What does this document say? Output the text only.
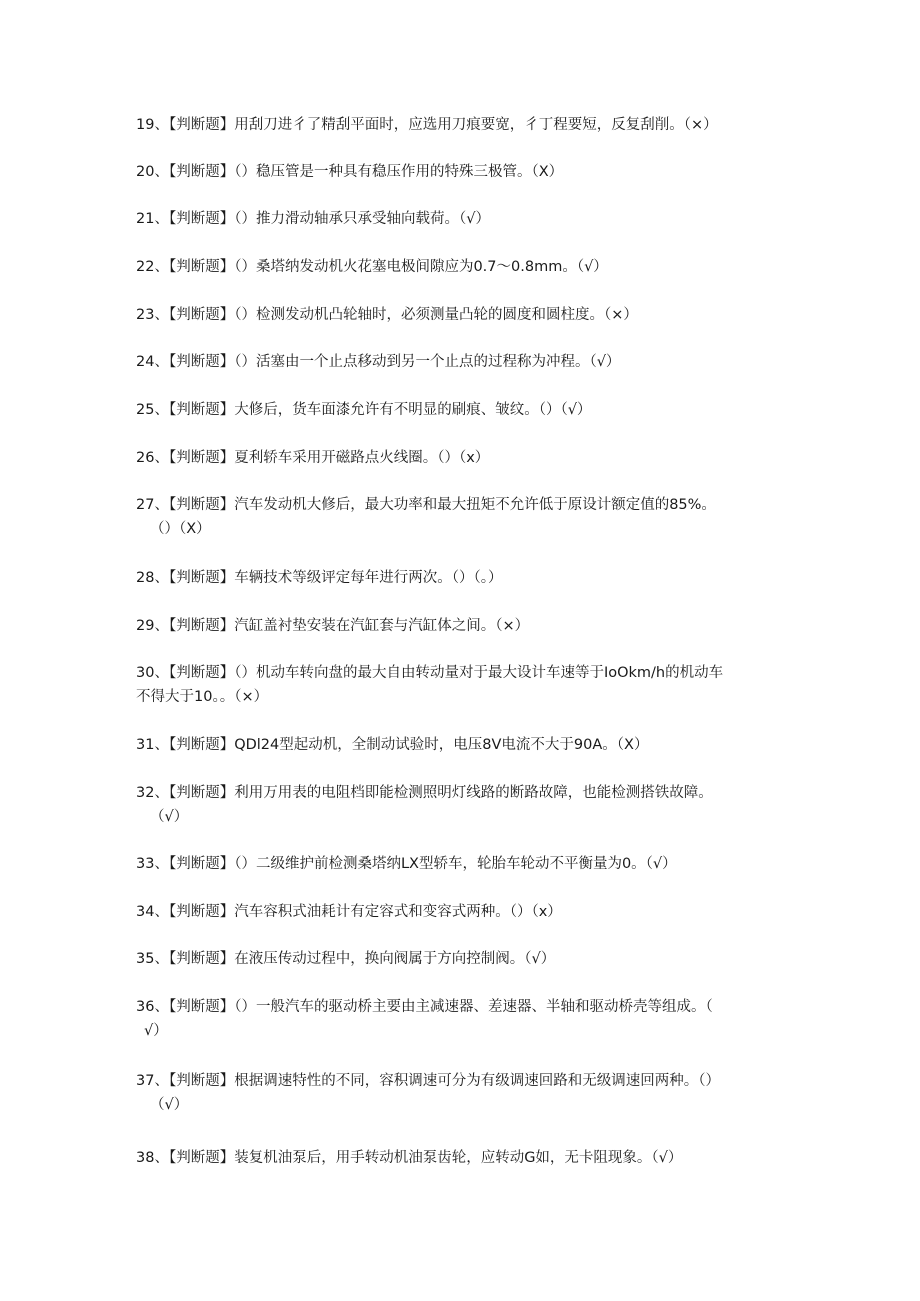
19、【判断题】用刮刀进彳了精刮平面时，应选用刀痕要宽，彳丁程要短，反复刮削。（×）
20、【判断题】（）稳压管是一种具有稳压作用的特殊三极管。（X）
21、【判断题】（）推力滑动轴承只承受轴向载荷。（√）
22、【判断题】（）桑塔纳发动机火花塞电极间隙应为0.7～0.8mm。（√）
23、【判断题】（）检测发动机凸轮轴时，必须测量凸轮的圆度和圆柱度。（×）
24、【判断题】（）活塞由一个止点移动到另一个止点的过程称为冲程。（√）
25、【判断题】大修后，货车面漆允许有不明显的刷痕、皱纹。（）（√）
26、【判断题】夏利轿车采用开磁路点火线圈。（）（x）
27、【判断题】汽车发动机大修后，最大功率和最大扭矩不允许低于原设计额定值的85%。
（）（X）
28、【判断题】车辆技术等级评定每年进行两次。（）（。）
29、【判断题】汽缸盖衬垫安装在汽缸套与汽缸体之间。（×）
30、【判断题】（）机动车转向盘的最大自由转动量对于最大设计车速等于IoOkm/h的机动车
不得大于10。。（×）
31、【判断题】QDl24型起动机，全制动试验时，电压8V电流不大于90A。（X）
32、【判断题】利用万用表的电阻档即能检测照明灯线路的断路故障，也能检测搭铁故障。
（√）
33、【判断题】（）二级维护前检测桑塔纳LX型轿车，轮胎车轮动不平衡量为0。（√）
34、【判断题】汽车容积式油耗计有定容式和变容式两种。（）（x）
35、【判断题】在液压传动过程中，换向阀属于方向控制阀。（√）
36、【判断题】（）一般汽车的驱动桥主要由主减速器、差速器、半轴和驱动桥壳等组成。（
√）
37、【判断题】根据调速特性的不同，容积调速可分为有级调速回路和无级调速回两种。（）
（√）
38、【判断题】装复机油泵后，用手转动机油泵齿轮，应转动G如，无卡阻现象。（√）
